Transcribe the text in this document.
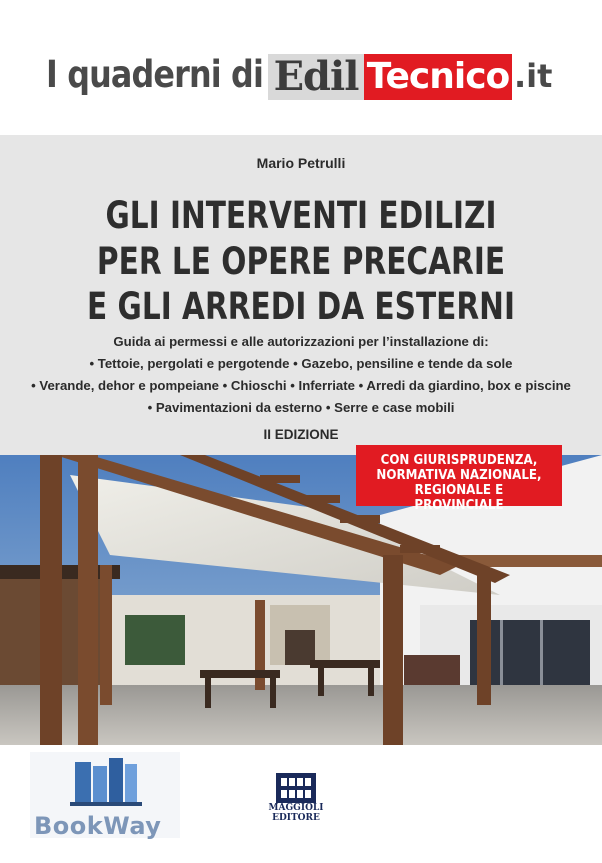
I quaderni di Edil Tecnico .it
Mario Petrulli
GLI INTERVENTI EDILIZI
PER LE OPERE PRECARIE
E GLI ARREDI DA ESTERNI
Guida ai permessi e alle autorizzazioni per l’installazione di:
• Tettoie, pergolati e pergotende • Gazebo, pensiline e tende da sole
• Verande, dehor e pompeiane • Chioschi • Inferriate • Arredi da giardino, box e piscine
• Pavimentazioni da esterno • Serre e case mobili
II EDIZIONE
CON GIURISPRUDENZA,
NORMATIVA NAZIONALE,
REGIONALE E PROVINCIALE
BookWay
MAGGIOLI
EDITORE
